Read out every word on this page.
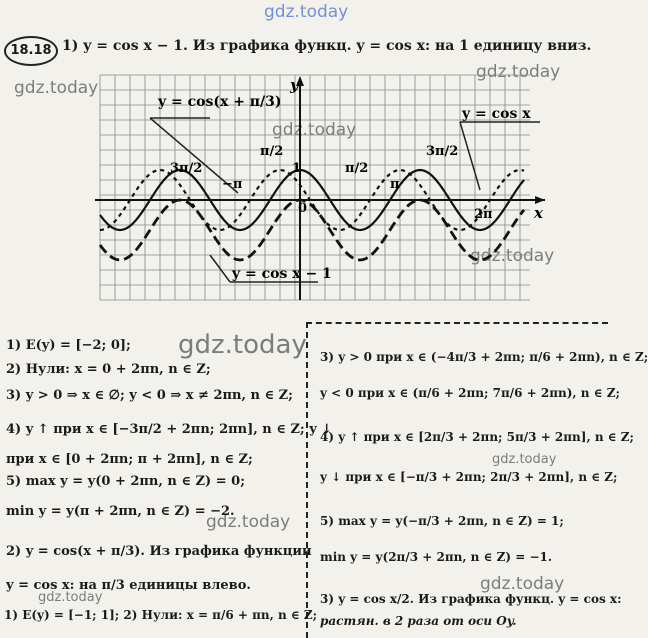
gdz.today
gdz.today
gdz.today
gdz.today
gdz.today
gdz.today
gdz.today
gdz.today
gdz.today
gdz.today
18.18 1) y = cos x − 1. Из графика функц. y = cos x: на 1 единицу вниз.
y
x
y = cos(x + π/3)
y = cos x
y = cos x − 1
3π/2
−π
π/2
1
0
π/2
π
3π/2
2π
1) E(y) = [−2; 0];
2) Нули: x = 0 + 2πn, n ∈ Z;
3) y > 0 ⇒ x ∈ ∅; y < 0 ⇒ x ≠ 2πn, n ∈ Z;
4) y ↑ при x ∈ [−3π/2 + 2πn; 2πn], n ∈ Z; y ↓
при x ∈ [0 + 2πn; π + 2πn], n ∈ Z;
5) max y = y(0 + 2πn, n ∈ Z) = 0;
min y = y(π + 2πn, n ∈ Z) = −2.
2) y = cos(x + π/3). Из графика функции
y = cos x: на π/3 единицы влево.
1) E(y) = [−1; 1]; 2) Нули: x = π/6 + πn, n ∈ Z;
3) y > 0 при x ∈ (−4π/3 + 2πn; π/6 + 2πn), n ∈ Z;
y < 0 при x ∈ (π/6 + 2πn; 7π/6 + 2πn), n ∈ Z;
4) y ↑ при x ∈ [2π/3 + 2πn; 5π/3 + 2πn], n ∈ Z;
y ↓ при x ∈ [−π/3 + 2πn; 2π/3 + 2πn], n ∈ Z;
5) max y = y(−π/3 + 2πn, n ∈ Z) = 1;
min y = y(2π/3 + 2πn, n ∈ Z) = −1.
3) y = cos x/2. Из графика функц. y = cos x:
растян. в 2 раза от оси Oy.
